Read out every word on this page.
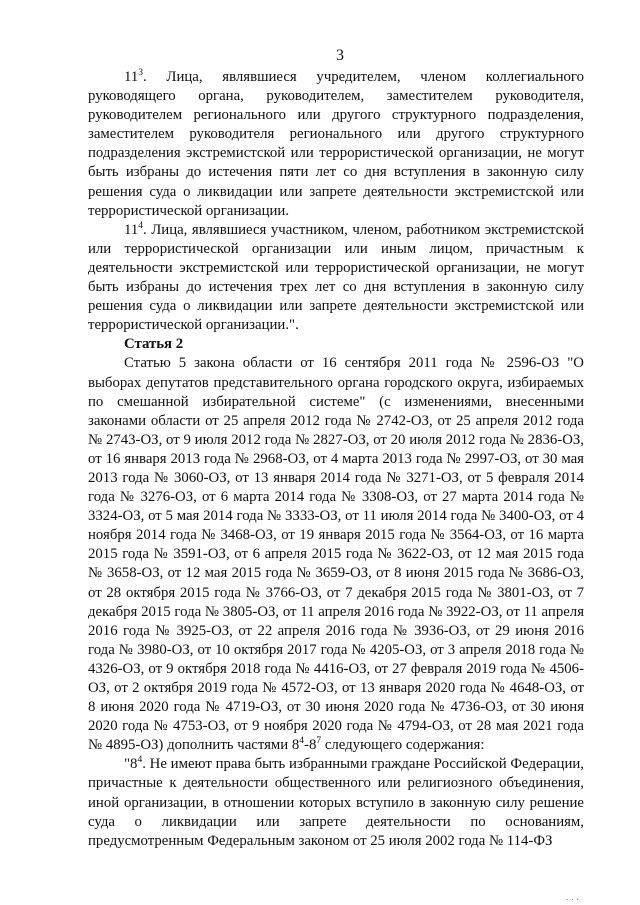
3

$11^3$. Лица, являвшиеся учредителем, членом коллегиального руководящего органа, руководителем, заместителем руководителя, руководителем регионального или другого структурного подразделения, заместителем руководителя регионального или другого структурного подразделения экстремистской или террористической организации, не могут быть избраны до истечения пяти лет со дня вступления в законную силу решения суда о ликвидации или запрете деятельности экстремистской или террористической организации.

$11^4$. Лица, являвшиеся участником, членом, работником экстремистской или террористической организации или иным лицом, причастным к деятельности экстремистской или террористической организации, не могут быть избраны до истечения трех лет со дня вступления в законную силу решения суда о ликвидации или запрете деятельности экстремистской или террористической организации.".

Статья 2

Статью 5 закона области от 16 сентября 2011 года № 2596-ОЗ "О выборах депутатов представительного органа городского округа, избираемых по смешанной избирательной системе" (с изменениями, внесенными законами области от 25 апреля 2012 года № 2742-ОЗ, от 25 апреля 2012 года № 2743-ОЗ, от 9 июля 2012 года № 2827-ОЗ, от 20 июля 2012 года № 2836-ОЗ, от 16 января 2013 года № 2968-ОЗ, от 4 марта 2013 года № 2997-ОЗ, от 30 мая 2013 года № 3060-ОЗ, от 13 января 2014 года № 3271-ОЗ, от 5 февраля 2014 года № 3276-ОЗ, от 6 марта 2014 года № 3308-ОЗ, от 27 марта 2014 года № 3324-ОЗ, от 5 мая 2014 года № 3333-ОЗ, от 11 июля 2014 года № 3400-ОЗ, от 4 ноября 2014 года № 3468-ОЗ, от 19 января 2015 года № 3564-ОЗ, от 16 марта 2015 года № 3591-ОЗ, от 6 апреля 2015 года № 3622-ОЗ, от 12 мая 2015 года № 3658-ОЗ, от 12 мая 2015 года № 3659-ОЗ, от 8 июня 2015 года № 3686-ОЗ, от 28 октября 2015 года № 3766-ОЗ, от 7 декабря 2015 года № 3801-ОЗ, от 7 декабря 2015 года № 3805-ОЗ, от 11 апреля 2016 года № 3922-ОЗ, от 11 апреля 2016 года № 3925-ОЗ, от 22 апреля 2016 года № 3936-ОЗ, от 29 июня 2016 года № 3980-ОЗ, от 10 октября 2017 года № 4205-ОЗ, от 3 апреля 2018 года № 4326-ОЗ, от 9 октября 2018 года № 4416-ОЗ, от 27 февраля 2019 года № 4506-ОЗ, от 2 октября 2019 года № 4572-ОЗ, от 13 января 2020 года № 4648-ОЗ, от 8 июня 2020 года № 4719-ОЗ, от 30 июня 2020 года № 4736-ОЗ, от 30 июня 2020 года № 4753-ОЗ, от 9 ноября 2020 года № 4794-ОЗ, от 28 мая 2021 года № 4895-ОЗ) дополнить частями $8^4-8^7$ следующего содержания:

"$8^4$. Не имеют права быть избранными граждане Российской Федерации, причастные к деятельности общественного или религиозного объединения, иной организации, в отношении которых вступило в законную силу решение суда о ликвидации или запрете деятельности по основаниям, предусмотренным Федеральным законом от 25 июля 2002 года № 114-ФЗ

...
